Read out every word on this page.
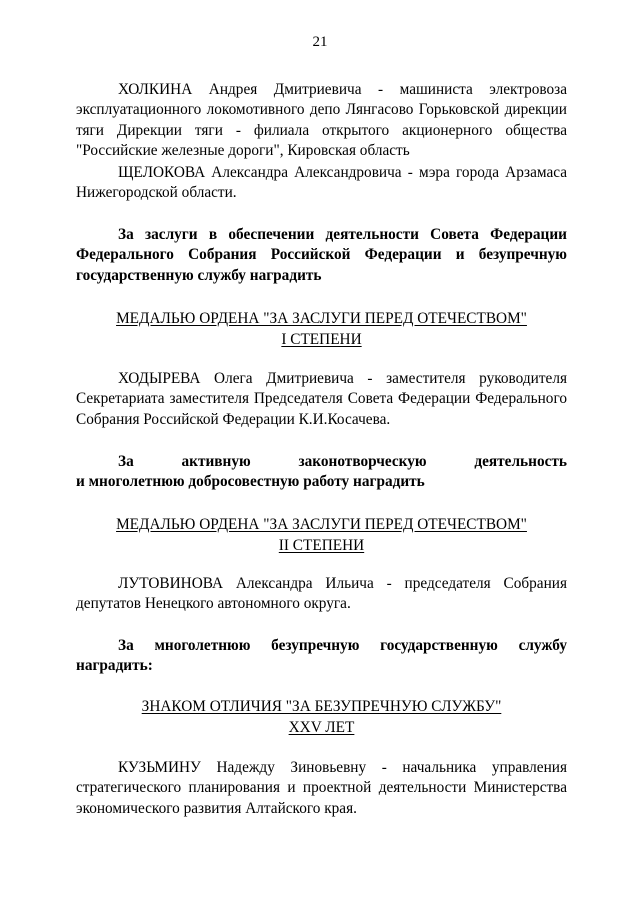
21

ХОЛКИНА Андрея Дмитриевича - машиниста электровоза эксплуатационного локомотивного депо Лянгасово Горьковской дирекции тяги Дирекции тяги - филиала открытого акционерного общества "Российские железные дороги", Кировская область

ЩЕЛОКОВА Александра Александровича - мэра города Арзамаса Нижегородской области.

За заслуги в обеспечении деятельности Совета Федерации Федерального Собрания Российской Федерации и безупречную государственную службу наградить

МЕДАЛЬЮ ОРДЕНА "ЗА ЗАСЛУГИ ПЕРЕД ОТЕЧЕСТВОМ"
I СТЕПЕНИ

ХОДЫРЕВА Олега Дмитриевича - заместителя руководителя Секретариата заместителя Председателя Совета Федерации Федерального Собрания Российской Федерации К.И.Косачева.

За активную законотворческую деятельность
и многолетнюю добросовестную работу наградить
МЕДАЛЬЮ ОРДЕНА "ЗА ЗАСЛУГИ ПЕРЕД ОТЕЧЕСТВОМ"
II СТЕПЕНИ

ЛУТОВИНОВА Александра Ильича - председателя Собрания депутатов Ненецкого автономного округа.

За многолетнюю безупречную государственную службу наградить:

ЗНАКОМ ОТЛИЧИЯ "ЗА БЕЗУПРЕЧНУЮ СЛУЖБУ"
XXV ЛЕТ

КУЗЬМИНУ Надежду Зиновьевну - начальника управления стратегического планирования и проектной деятельности Министерства экономического развития Алтайского края.
